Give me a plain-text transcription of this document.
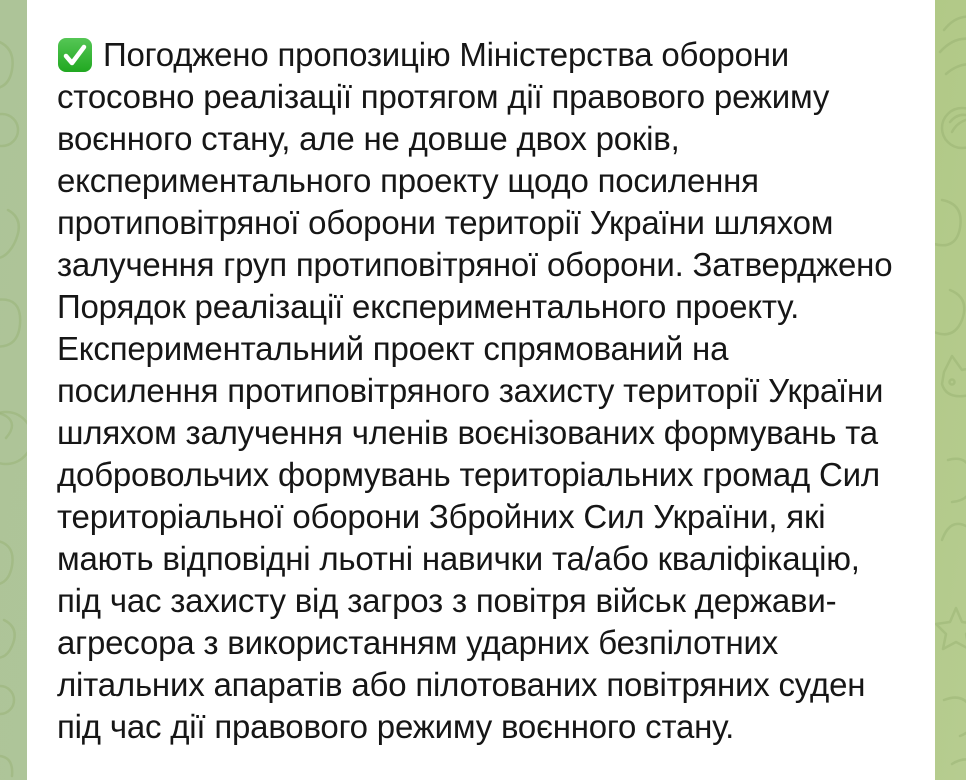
Погоджено пропозицію Міністерства оборони
стосовно реалізації протягом дії правового режиму
воєнного стану, але не довше двох років,
експериментального проекту щодо посилення
протиповітряної оборони території України шляхом
залучення груп протиповітряної оборони. Затверджено
Порядок реалізації експериментального проекту.
Експериментальний проект спрямований на
посилення протиповітряного захисту території України
шляхом залучення членів воєнізованих формувань та
добровольчих формувань територіальних громад Сил
територіальної оборони Збройних Сил України, які
мають відповідні льотні навички та/або кваліфікацію,
під час захисту від загроз з повітря військ держави-
агресора з використанням ударних безпілотних
літальних апаратів або пілотованих повітряних суден
під час дії правового режиму воєнного стану.
